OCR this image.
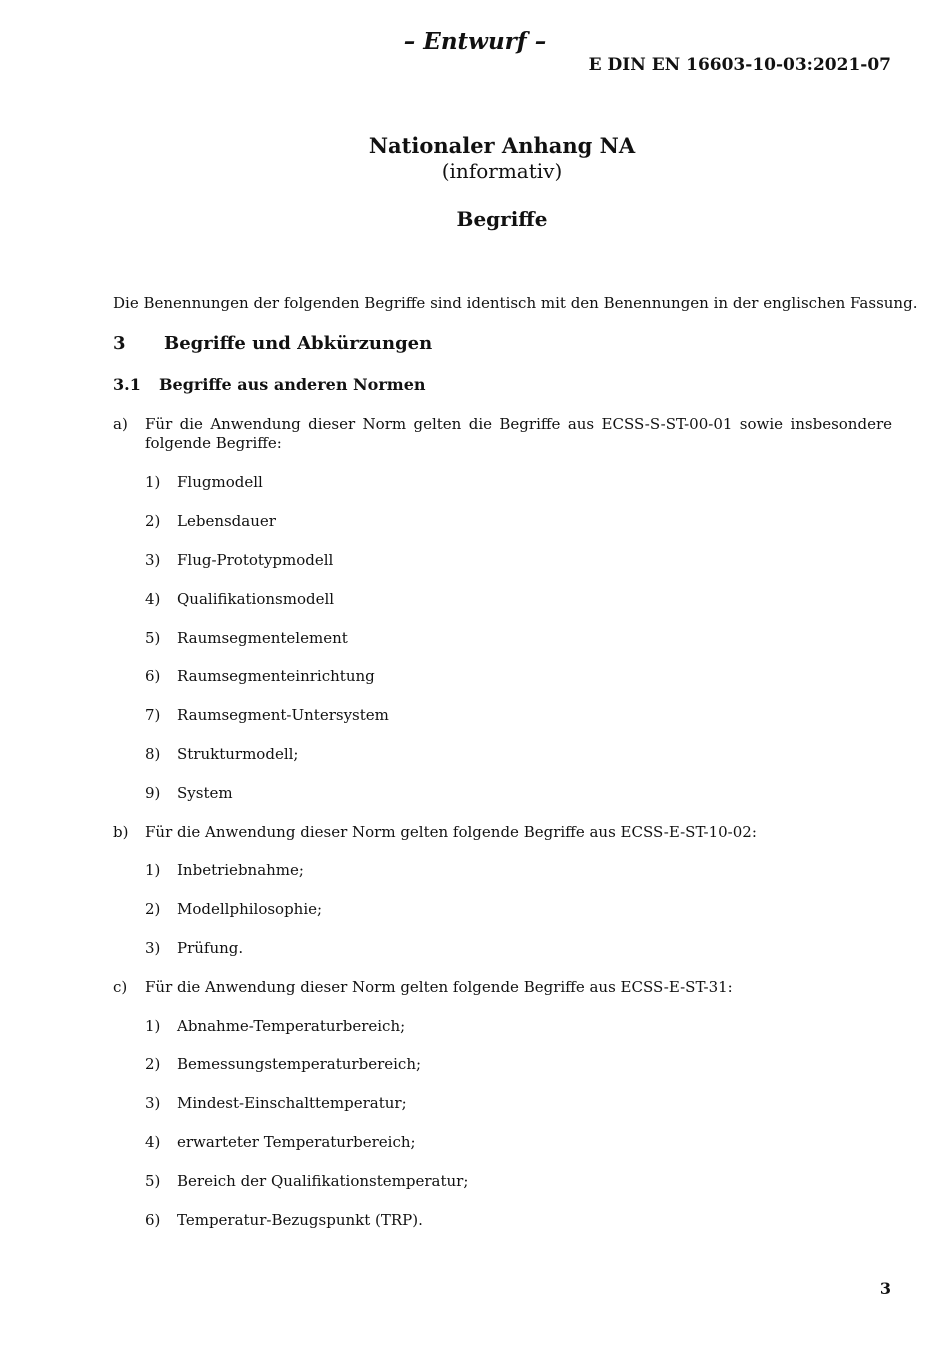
– Entwurf –
E DIN EN 16603-10-03:2021-07
Nationaler Anhang NA
(informativ)
Begriffe
Die Benennungen der folgenden Begriffe sind identisch mit den Benennungen in der englischen Fassung.
3 Begriffe und Abkürzungen
3.1 Begriffe aus anderen Normen
a) Für die Anwendung dieser Norm gelten die Begriffe aus ECSS-S-ST-00-01 sowie insbesondere folgende Begriffe:
1) Flugmodell
2) Lebensdauer
3) Flug-Prototypmodell
4) Qualifikationsmodell
5) Raumsegmentelement
6) Raumsegmenteinrichtung
7) Raumsegment-Untersystem
8) Strukturmodell;
9) System
b) Für die Anwendung dieser Norm gelten folgende Begriffe aus ECSS-E-ST-10-02:
1) Inbetriebnahme;
2) Modellphilosophie;
3) Prüfung.
c) Für die Anwendung dieser Norm gelten folgende Begriffe aus ECSS-E-ST-31:
1) Abnahme-Temperaturbereich;
2) Bemessungstemperaturbereich;
3) Mindest-Einschalttemperatur;
4) erwarteter Temperaturbereich;
5) Bereich der Qualifikationstemperatur;
6) Temperatur-Bezugspunkt (TRP).
3
